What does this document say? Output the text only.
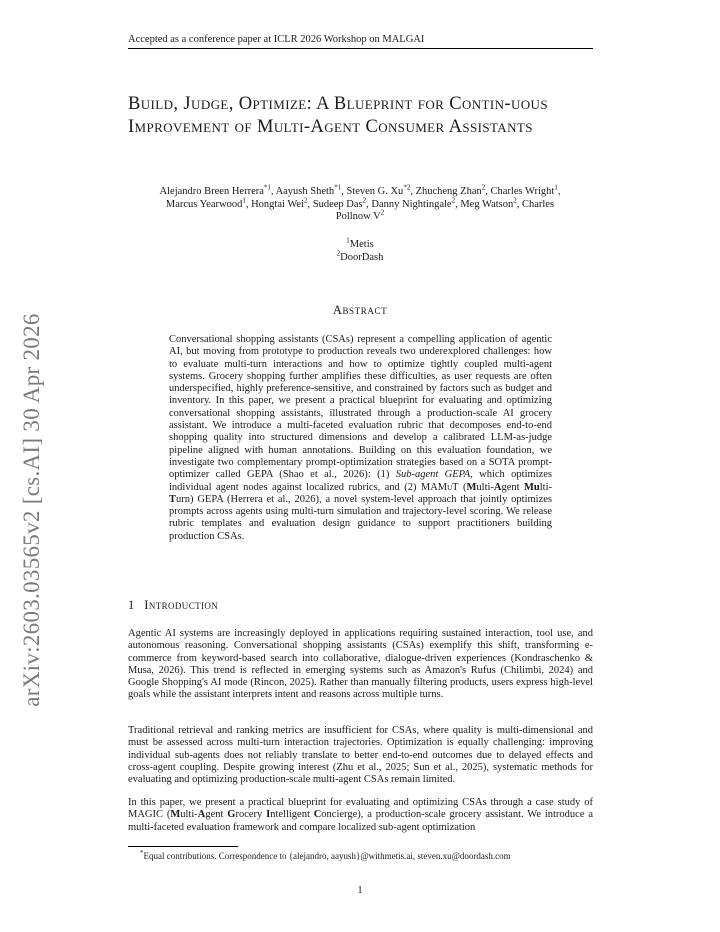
Accepted as a conference paper at ICLR 2026 Workshop on MALGAI
arXiv:2603.03565v2 [cs.AI] 30 Apr 2026
Build, Judge, Optimize: A Blueprint for Contin-uous Improvement of Multi-Agent Consumer Assistants
Alejandro Breen Herrera$^{*1}$, Aayush Sheth$^{*1}$, Steven G. Xu$^{*2}$, Zhucheng Zhan$^2$, Charles Wright$^1$,
Marcus Yearwood$^1$, Hongtai Wei$^2$, Sudeep Das$^2$, Danny Nightingale$^2$, Meg Watson$^2$, Charles
Pollnow $V^2$
$^1$Metis
$^2$DoorDash
Abstract
Conversational shopping assistants (CSAs) represent a compelling application of agentic AI, but moving from prototype to production reveals two underexplored challenges: how to evaluate multi-turn interactions and how to optimize tightly coupled multi-agent systems. Grocery shopping further amplifies these difficulties, as user requests are often underspecified, highly preference-sensitive, and constrained by factors such as budget and inventory. In this paper, we present a practical blueprint for evaluating and optimizing conversational shopping assistants, illustrated through a production-scale AI grocery assistant. We introduce a multi-faceted evaluation rubric that decomposes end-to-end shopping quality into structured dimensions and develop a calibrated LLM-as-judge pipeline aligned with human annotations. Building on this evaluation foundation, we investigate two complementary prompt-optimization strategies based on a SOTA prompt-optimizer called GEPA (Shao et al., 2026): (1) Sub-agent GEPA, which optimizes individual agent nodes against localized rubrics, and (2) MAMuT (Multi-Agent Multi-Turn) GEPA (Herrera et al., 2026), a novel system-level approach that jointly optimizes prompts across agents using multi-turn simulation and trajectory-level scoring. We release rubric templates and evaluation design guidance to support practitioners building production CSAs.
1 Introduction

Agentic AI systems are increasingly deployed in applications requiring sustained interaction, tool use, and autonomous reasoning. Conversational shopping assistants (CSAs) exemplify this shift, transforming e-commerce from keyword-based search into collaborative, dialogue-driven experiences (Kondraschenko & Musa, 2026). This trend is reflected in emerging systems such as Amazon's Rufus (Chilimbi, 2024) and Google Shopping's AI mode (Rincon, 2025). Rather than manually filtering products, users express high-level goals while the assistant interprets intent and reasons across multiple turns.

Traditional retrieval and ranking metrics are insufficient for CSAs, where quality is multi-dimensional and must be assessed across multi-turn interaction trajectories. Optimization is equally challenging: improving individual sub-agents does not reliably translate to better end-to-end outcomes due to delayed effects and cross-agent coupling. Despite growing interest (Zhu et al., 2025; Sun et al., 2025), systematic methods for evaluating and optimizing production-scale multi-agent CSAs remain limited.

In this paper, we present a practical blueprint for evaluating and optimizing CSAs through a case study of MAGIC (Multi-Agent Grocery Intelligent Concierge), a production-scale grocery assistant. We introduce a multi-faceted evaluation framework and compare localized sub-agent optimization

*Equal contributions. Correspondence to {alejandro, aayush}@withmetis.ai, steven.xu@doordash.com
1
